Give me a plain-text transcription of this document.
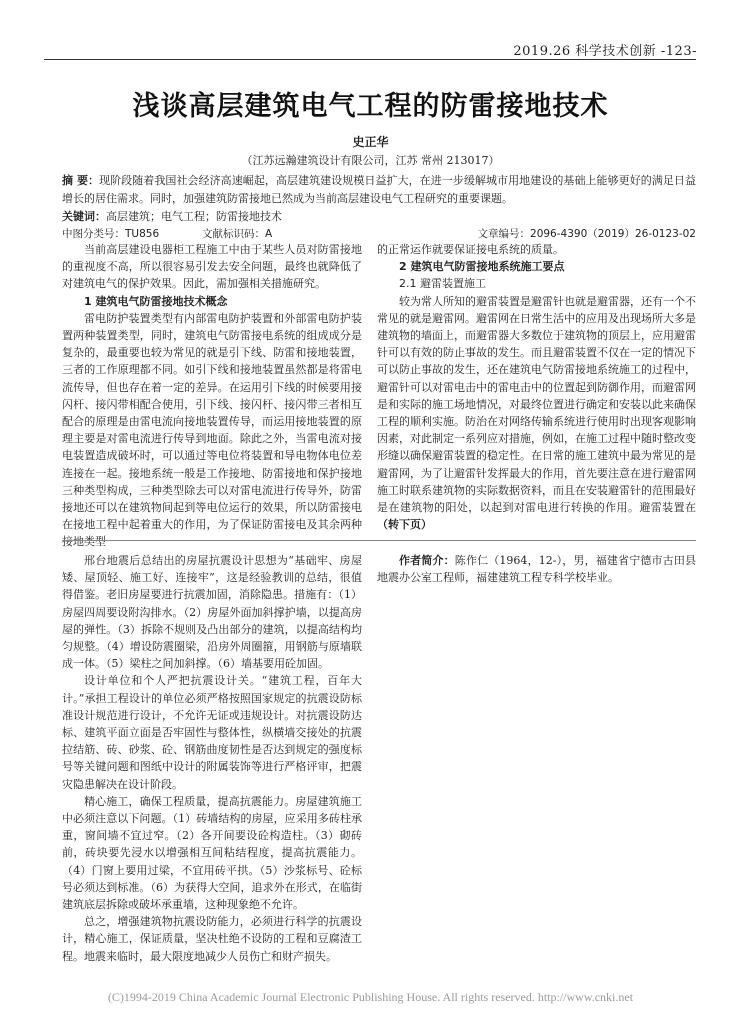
2019.26 科学技术创新 -123-
浅谈高层建筑电气工程的防雷接地技术
史正华
（江苏远瀚建筑设计有限公司，江苏 常州 213017）
摘 要：现阶段随着我国社会经济高速崛起，高层建筑建设规模日益扩大，在进一步缓解城市用地建设的基础上能够更好的满足日益增长的居住需求。同时，加强建筑防雷接地已然成为当前高层建设电气工程研究的重要课题。
关键词：高层建筑；电气工程；防雷接地技术
中图分类号：TU856	文献标识码：A	文章编号：2096-4390（2019）26-0123-02

当前高层建设电器柜工程施工中由于某些人员对防雷接地的重视度不高，所以很容易引发去安全问题，最终也就降低了对建筑电气的保护效果。因此，需加强相关措施研究。

1 建筑电气防雷接地技术概念

雷电防护装置类型有内部雷电防护装置和外部雷电防护装置两种装置类型，同时，建筑电气防雷接电系统的组成成分是复杂的，最重要也较为常见的就是引下线、防雷和接地装置，三者的工作原理都不同。如引下线和接地装置虽然都是将雷电流传导，但也存在着一定的差异。在运用引下线的时候要用接闪杆、接闪带相配合使用，引下线、接闪杆、接闪带三者相互配合的原理是由雷电流向接地装置传导，而运用接地装置的原理主要是对雷电流进行传导到地面。除此之外，当雷电流对接电装置造成破坏时，可以通过等电位将装置和导电物体电位差连接在一起。接地系统一般是工作接地、防雷接地和保护接地三种类型构成，三种类型除去可以对雷电流进行传导外，防雷接地还可以在建筑物间起到等电位运行的效果，所以防雷接电在接地工程中起着重大的作用，为了保证防雷接电及其余两种接地类型

的正常运作就要保证接电系统的质量。

2 建筑电气防雷接地系统施工要点
2.1 避雷装置施工

较为常人所知的避雷装置是避雷针也就是避雷器，还有一个不常见的就是避雷网。避雷网在日常生活中的应用及出现场所大多是建筑物的墙面上，而避雷器大多数位于建筑物的顶层上，应用避雷针可以有效的防止事故的发生。而且避雷装置不仅在一定的情况下可以防止事故的发生，还在建筑电气防雷接地系统施工的过程中，避雷针可以对雷电击中的雷电击中的位置起到防御作用，而避雷网是和实际的施工场地情况，对最终位置进行确定和安装以此来确保工程的顺利实施。防治在对网络传输系统进行使用时出现客观影响因素，对此制定一系列应对措施，例如，在施工过程中随时整改变形缝以确保避雷装置的稳定性。在日常的施工建筑中最为常见的是避雷网，为了让避雷针发挥最大的作用，首先要注意在进行避雷网施工时联系建筑物的实际数据资料，而且在安装避雷针的范围最好是在建筑物的阳处，以起到对雷电进行转换的作用。避雷装置在（转下页）

邢台地震后总结出的房屋抗震设计思想为“基础牢、房屋矮、屋顶轻、施工好、连接牢”，这是经验教训的总结，很值得借鉴。老旧房屋要进行抗震加固，消除隐患。措施有：（1）房屋四周要设附沟排水。（2）房屋外面加斜撑护墙，以提高房屋的弹性。（3）拆除不规则及凸出部分的建筑，以提高结构均匀规整。（4）增设防震圈梁，沿房外周圈箍，用钢筋与原墙联成一体。（5）梁柱之间加斜撑。（6）墙基要用砼加固。

设计单位和个人严把抗震设计关。“建筑工程，百年大计。”承担工程设计的单位必须严格按照国家规定的抗震设防标准设计规范进行设计，不允许无证或违规设计。对抗震设防达标、建筑平面立面是否牢固性与整体性，纵横墙交接处的抗震拉结筋、砖、砂浆、砼、钢筋曲度韧性是否达到规定的强度标号等关键问题和图纸中设计的附属装饰等进行严格评审，把震灾隐患解决在设计阶段。

精心施工，确保工程质量，提高抗震能力。房屋建筑施工中必须注意以下问题。（1）砖墙结构的房屋，应采用多砖柱承重，窗间墙不宜过窄。（2）各开间要设砼构造柱。（3）砌砖前，砖块要先浸水以增强相互间粘结程度，提高抗震能力。（4）门窗上要用过梁，不宜用砖平拱。（5）沙浆标号、砼标号必须达到标准。（6）为获得大空间，追求外在形式，在临街建筑底层拆除或破坏承重墙，这种现象绝不允许。

总之，增强建筑物抗震设防能力，必须进行科学的抗震设计，精心施工，保证质量，坚决杜绝不设防的工程和豆腐渣工程。地震来临时，最大限度地减少人员伤亡和财产损失。

作者简介：陈作仁（1964，12-），男，福建省宁德市古田县地震办公室工程师，福建建筑工程专科学校毕业。

(C)1994-2019 China Academic Journal Electronic Publishing House. All rights reserved. http://www.cnki.net
